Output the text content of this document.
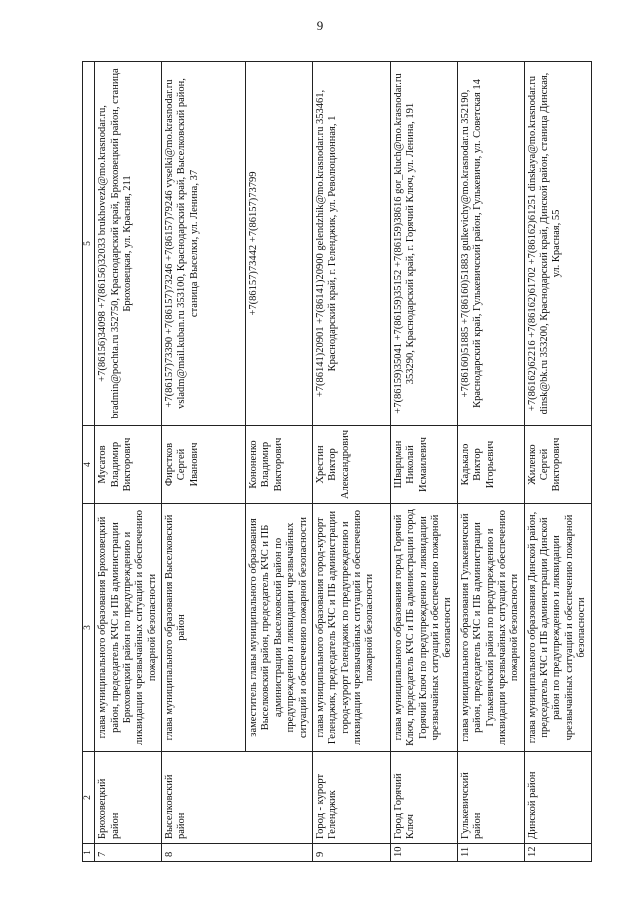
9
1	2	3	4	5
7	Брюховецкий район	глава муниципального образования Брюховецкий район, председатель КЧС и ПБ администрации Брюховецкий район по предупреждению и ликвидации чрезвычайных ситуаций и обеспечению пожарной безопасности	Мусатов Владимир Викторович	+7(86156)34098 +7(86156)32033 brukhovezk@mo.krasnodar.ru, bradmin@pochta.ru 352750, Краснодарский край, Брюховецкий район, станица Брюховецкая, ул. Красная, 211
8	Выселковский район	глава муниципального образования Выселковский район	Фирстков Сергей Иванович	+7(86157)73390 +7(86157)73246 +7(86157)79246 vyselki@mo.krasnodar.ru vsladm@mail.kuban.ru 353100, Краснодарский край, Выселковский район, станица Выселки, ул. Ленина, 37
		заместитель главы муниципального образования Выселковский район, председатель КЧС и ПБ администрации Выселковский район по предупреждению и ликвидации чрезвычайных ситуаций и обеспечению пожарной безопасности	Кононенко Владимир Викторович	+7(86157)73442 +7(86157)73799
9	Город - курорт Геленджик	глава муниципального образования город-курорт Геленджик, председатель КЧС и ПБ администрации город-курорт Геленджик по предупреждению и ликвидации чрезвычайных ситуаций и обеспечению пожарной безопасности	Хрестин Виктор Александрович	+7(86141)20901 +7(86141)20900 gelendzhik@mo.krasnodar.ru 353461, Краснодарский край, г. Геленджик, ул. Революционная, 1
10	Город Горячий Ключ	глава муниципального образования город Горячий Ключ, председатель КЧС и ПБ администрации город Горячий Ключ по предупреждению и ликвидации чрезвычайных ситуаций и обеспечению пожарной безопасности	Шварцман Николай Исмаилевич	+7(86159)35041 +7(86159)35152 +7(86159)38616 gor_kluch@mo.krasnodar.ru 353290, Краснодарский край, г. Горячий Ключ, ул. Ленина, 191
11	Гулькевичский район	глава муниципального образования Гулькевичский район, председатель КЧС и ПБ администрации Гулькевичский район по предупреждению и ликвидации чрезвычайных ситуаций и обеспечению пожарной безопасности	Кадькало Виктор Игорьевич	+7(86160)51885 +7(86160)51883 gulkevichy@mo.krasnodar.ru 352190, Краснодарский край, Гулькевичский район, Гулькевичи, ул. Советская 14
12	Динской район	глава муниципального образования Динской район, председатель КЧС и ПБ администрации Динской район по предупреждению и ликвидации чрезвычайных ситуаций и обеспечению пожарной безопасности	Жиленко Сергей Викторович	+7(86162)62216 +7(86162)61702 +7(86162)61251 dinskaya@mo.krasnodar.ru dinsk@bk.ru 353200, Краснодарский край, Динской район, станица Динская, ул. Красная, 55
